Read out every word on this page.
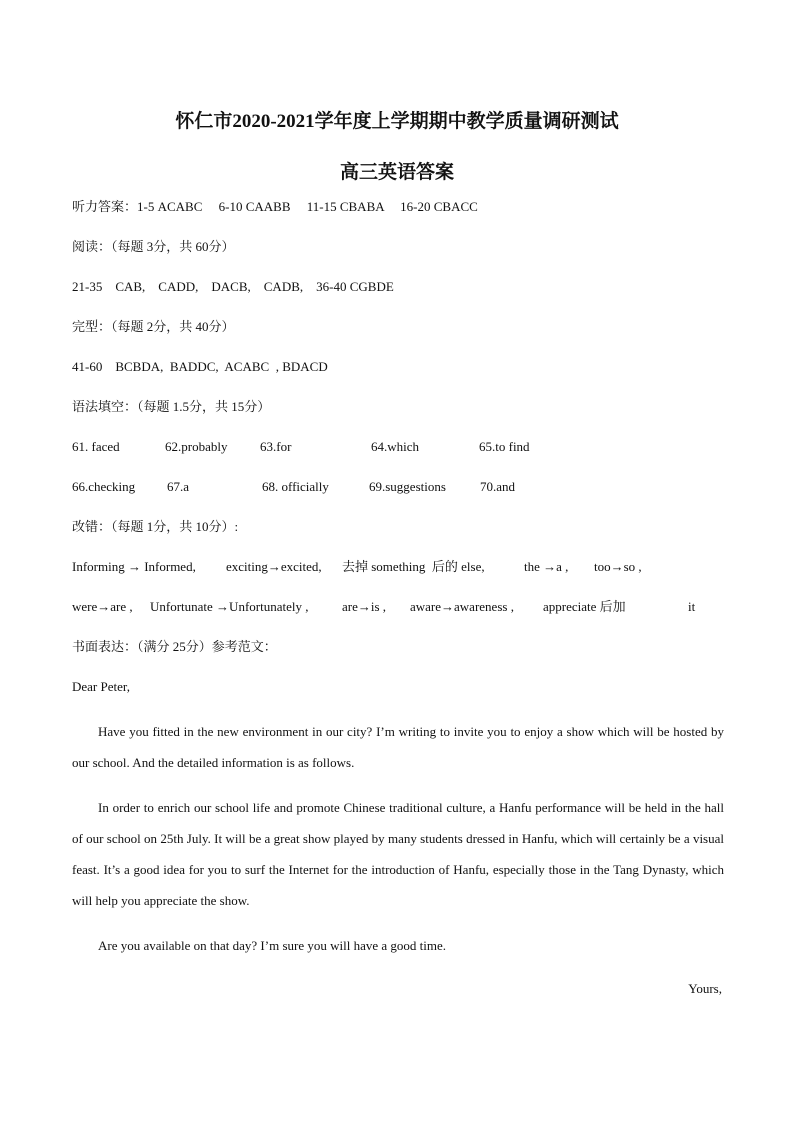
怀仁市2020-2021学年度上学期期中教学质量调研测试
高三英语答案
听力答案：1-5 ACABC     6-10 CAABB     11-15 CBABA     16-20 CBACC
阅读：（每题 3分，共 60分）
21-35    CAB,    CADD,    DACB,    CADB,    36-40 CGBDE
完型：（每题 2分，共 40分）
41-60    BCBDA,  BADDC,  ACABC  , BDACD
语法填空：（每题 1.5分，共 15分）
61. faced	62.probably	63.for	64.which	65.to find
66.checking 67.a	68. officially	69.suggestions	70.and
改错：（每题 1分，共 10分）:
Informing → Informed, exciting→excited, 去掉 something  后的 else,	the →a , too→so ,
were→are , Unfortunate →Unfortunately ,	are→is , aware→awareness , appreciate 后加	it
书面表达：（满分 25分）参考范文：
Dear Peter,
Have you fitted in the new environment in our city? I’m writing to invite you to enjoy a show which will be hosted by our school. And the detailed information is as follows.
In order to enrich our school life and promote Chinese traditional culture, a Hanfu performance will be held in the hall of our school on 25th July. It will be a great show played by many students dressed in Hanfu, which will certainly be a visual feast. It’s a good idea for you to surf the Internet for the introduction of Hanfu, especially those in the Tang Dynasty, which will help you appreciate the show.
Are you available on that day? I’m sure you will have a good time.
Yours,
